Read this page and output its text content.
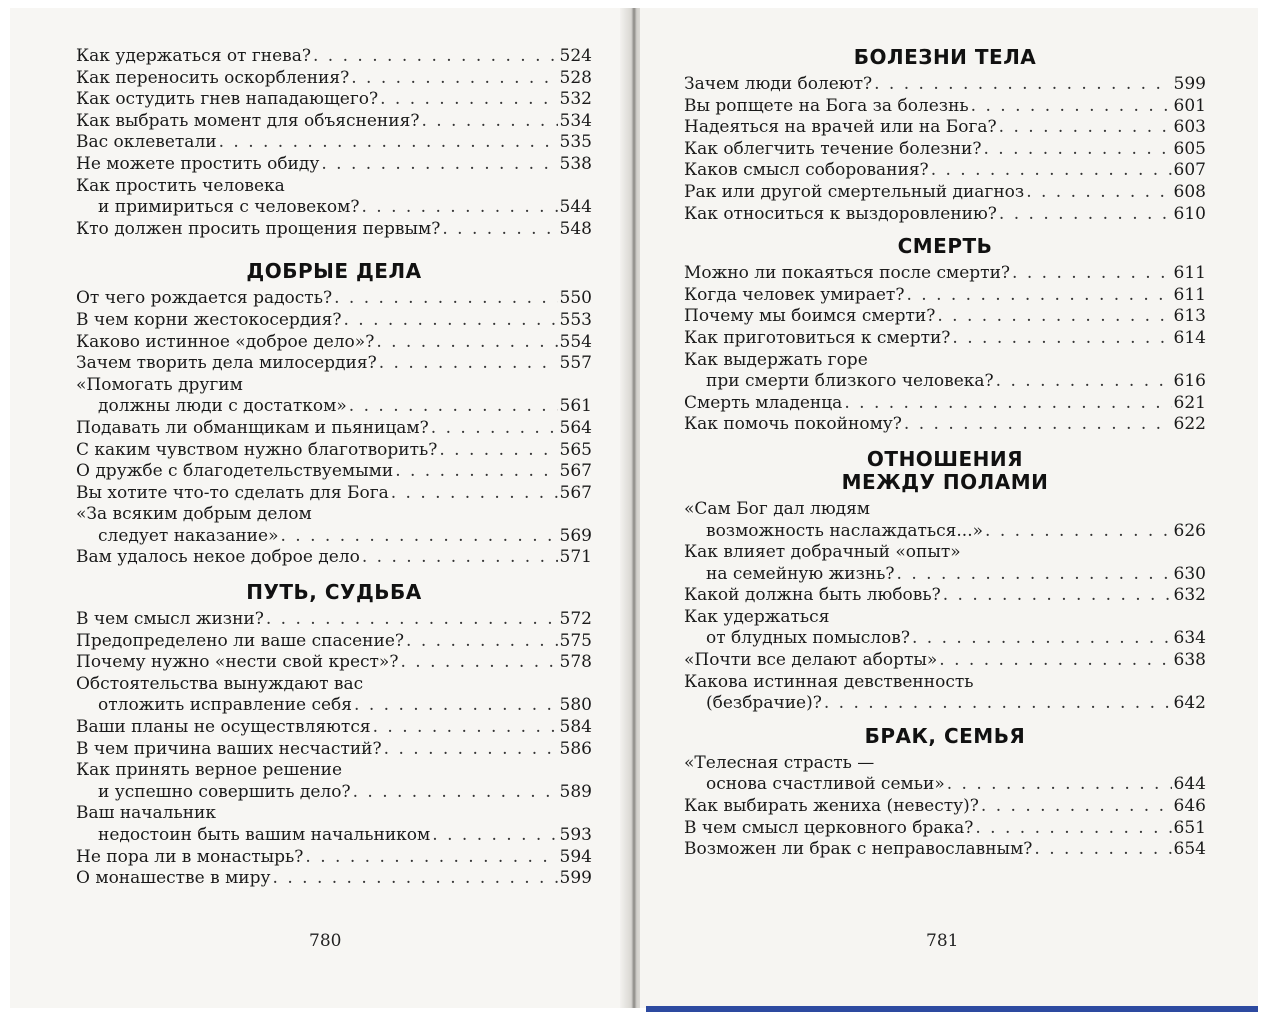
Как удержаться от гнева? . . .	524
Как переносить оскорбления? . . .	528
Как остудить гнев нападающего? . . .	532
Как выбрать момент для объяснения? . . .	534
Вас оклеветали . . .	535
Не можете простить обиду . . .	538
Как простить человека
и примириться с человеком? . . .	544
Кто должен просить прощения первым? . . .	548
ДОБРЫЕ ДЕЛА
От чего рождается радость? . . .	550
В чем корни жестокосердия? . . .	553
Каково истинное «доброе дело»? . . .	554
Зачем творить дела милосердия? . . .	557
«Помогать другим
должны люди с достатком» . . .	561
Подавать ли обманщикам и пьяницам? . . .	564
С каким чувством нужно благотворить? . . .	565
О дружбе с благодетельствуемыми . . .	567
Вы хотите что-то сделать для Бога . . .	567
«За всяким добрым делом
следует наказание» . . .	569
Вам удалось некое доброе дело . . .	571
ПУТЬ, СУДЬБА
В чем смысл жизни? . . .	572
Предопределено ли ваше спасение? . . .	575
Почему нужно «нести свой крест»? . . .	578
Обстоятельства вынуждают вас
отложить исправление себя . . .	580
Ваши планы не осуществляются . . .	584
В чем причина ваших несчастий? . . .	586
Как принять верное решение
и успешно совершить дело? . . .	589
Ваш начальник
недостоин быть вашим начальником . . .	593
Не пора ли в монастырь? . . .	594
О монашестве в миру . . .	599
780
БОЛЕЗНИ ТЕЛА
Зачем люди болеют? . . .	599
Вы ропщете на Бога за болезнь . . .	601
Надеяться на врачей или на Бога? . . .	603
Как облегчить течение болезни? . . .	605
Каков смысл соборования? . . .	607
Рак или другой смертельный диагноз . . .	608
Как относиться к выздоровлению? . . .	610
СМЕРТЬ
Можно ли покаяться после смерти? . . .	611
Когда человек умирает? . . .	611
Почему мы боимся смерти? . . .	613
Как приготовиться к смерти? . . .	614
Как выдержать горе
при смерти близкого человека? . . .	616
Смерть младенца . . .	621
Как помочь покойному? . . .	622
ОТНОШЕНИЯ
МЕЖДУ ПОЛАМИ
«Сам Бог дал людям
возможность наслаждаться...» . . .	626
Как влияет добрачный «опыт»
на семейную жизнь? . . .	630
Какой должна быть любовь? . . .	632
Как удержаться
от блудных помыслов? . . .	634
«Почти все делают аборты» . . .	638
Какова истинная девственность
(безбрачие)? . . .	642
БРАК, СЕМЬЯ
«Телесная страсть —
основа счастливой семьи» . . .	644
Как выбирать жениха (невесту)? . . .	646
В чем смысл церковного брака? . . .	651
Возможен ли брак с неправославным? . . .	654
781
